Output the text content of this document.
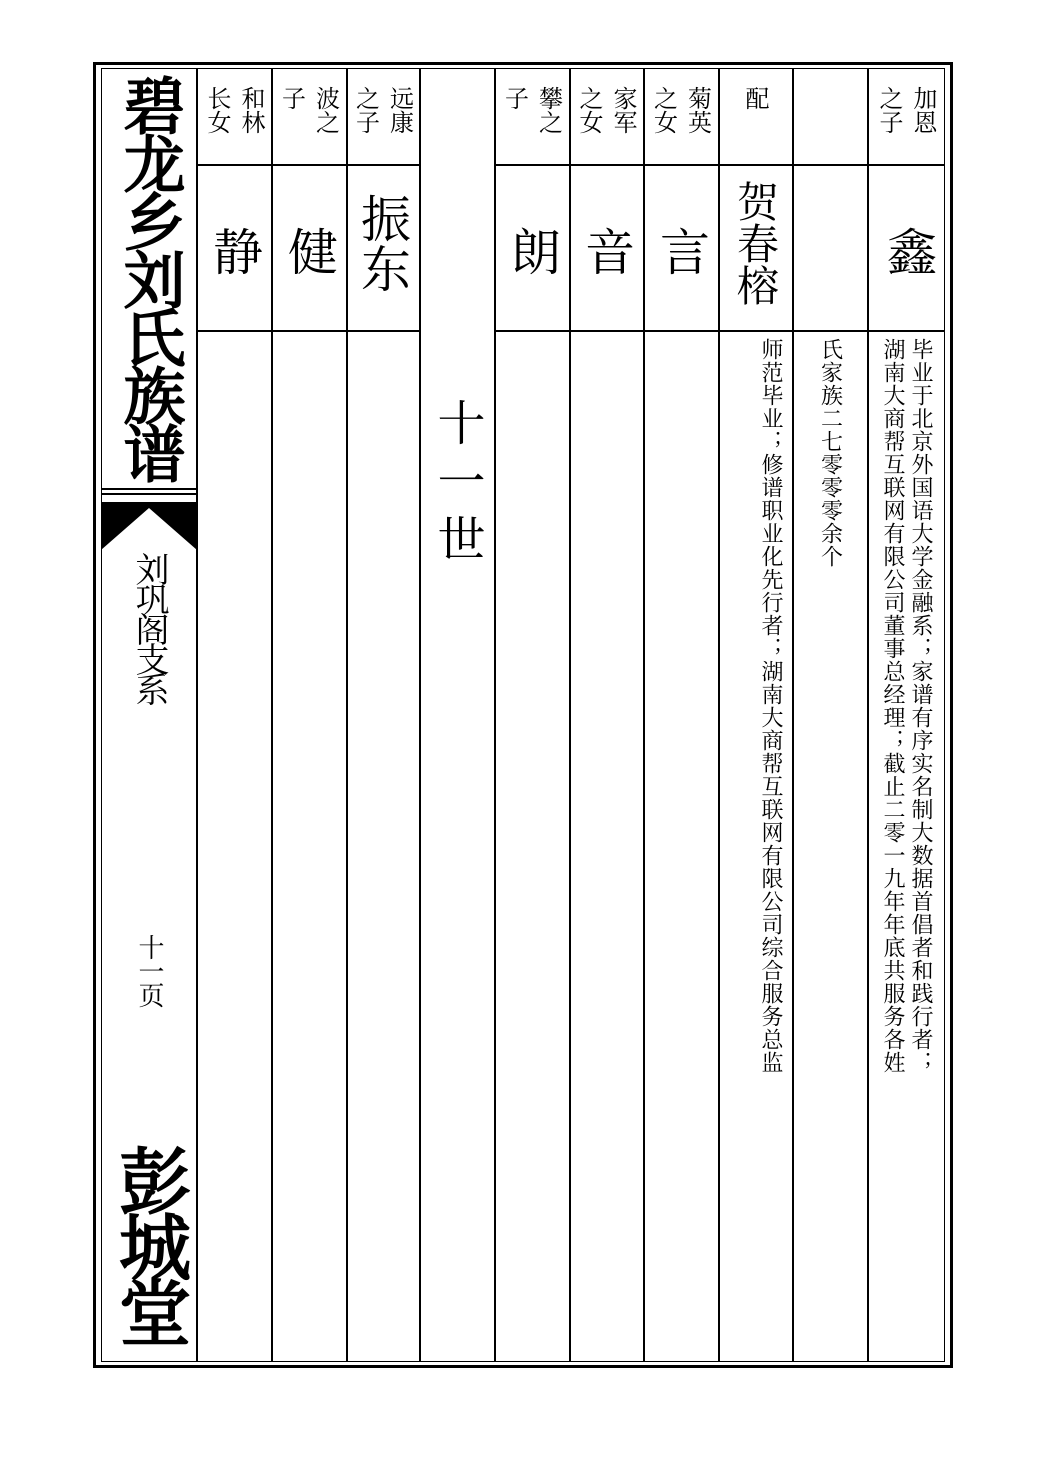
碧龙乡刘氏族谱
刘巩阁支系
十一页
彭城堂
加恩
之子
鑫
毕业于北京外国语大学金融系；家谱有序实名制大数据首倡者和践行者；
湖南大商帮互联网有限公司董事总经理；截止二零一九年年底共服务各姓
氏家族二七零零零余个
配
贺春榕
师范毕业；修谱职业化先行者；湖南大商帮互联网有限公司综合服务总监
菊英
之女
言
家军
之女
音
攀之
子
朗
十一世
远康
之子
振东
波之
子
健
和林
长女
静
